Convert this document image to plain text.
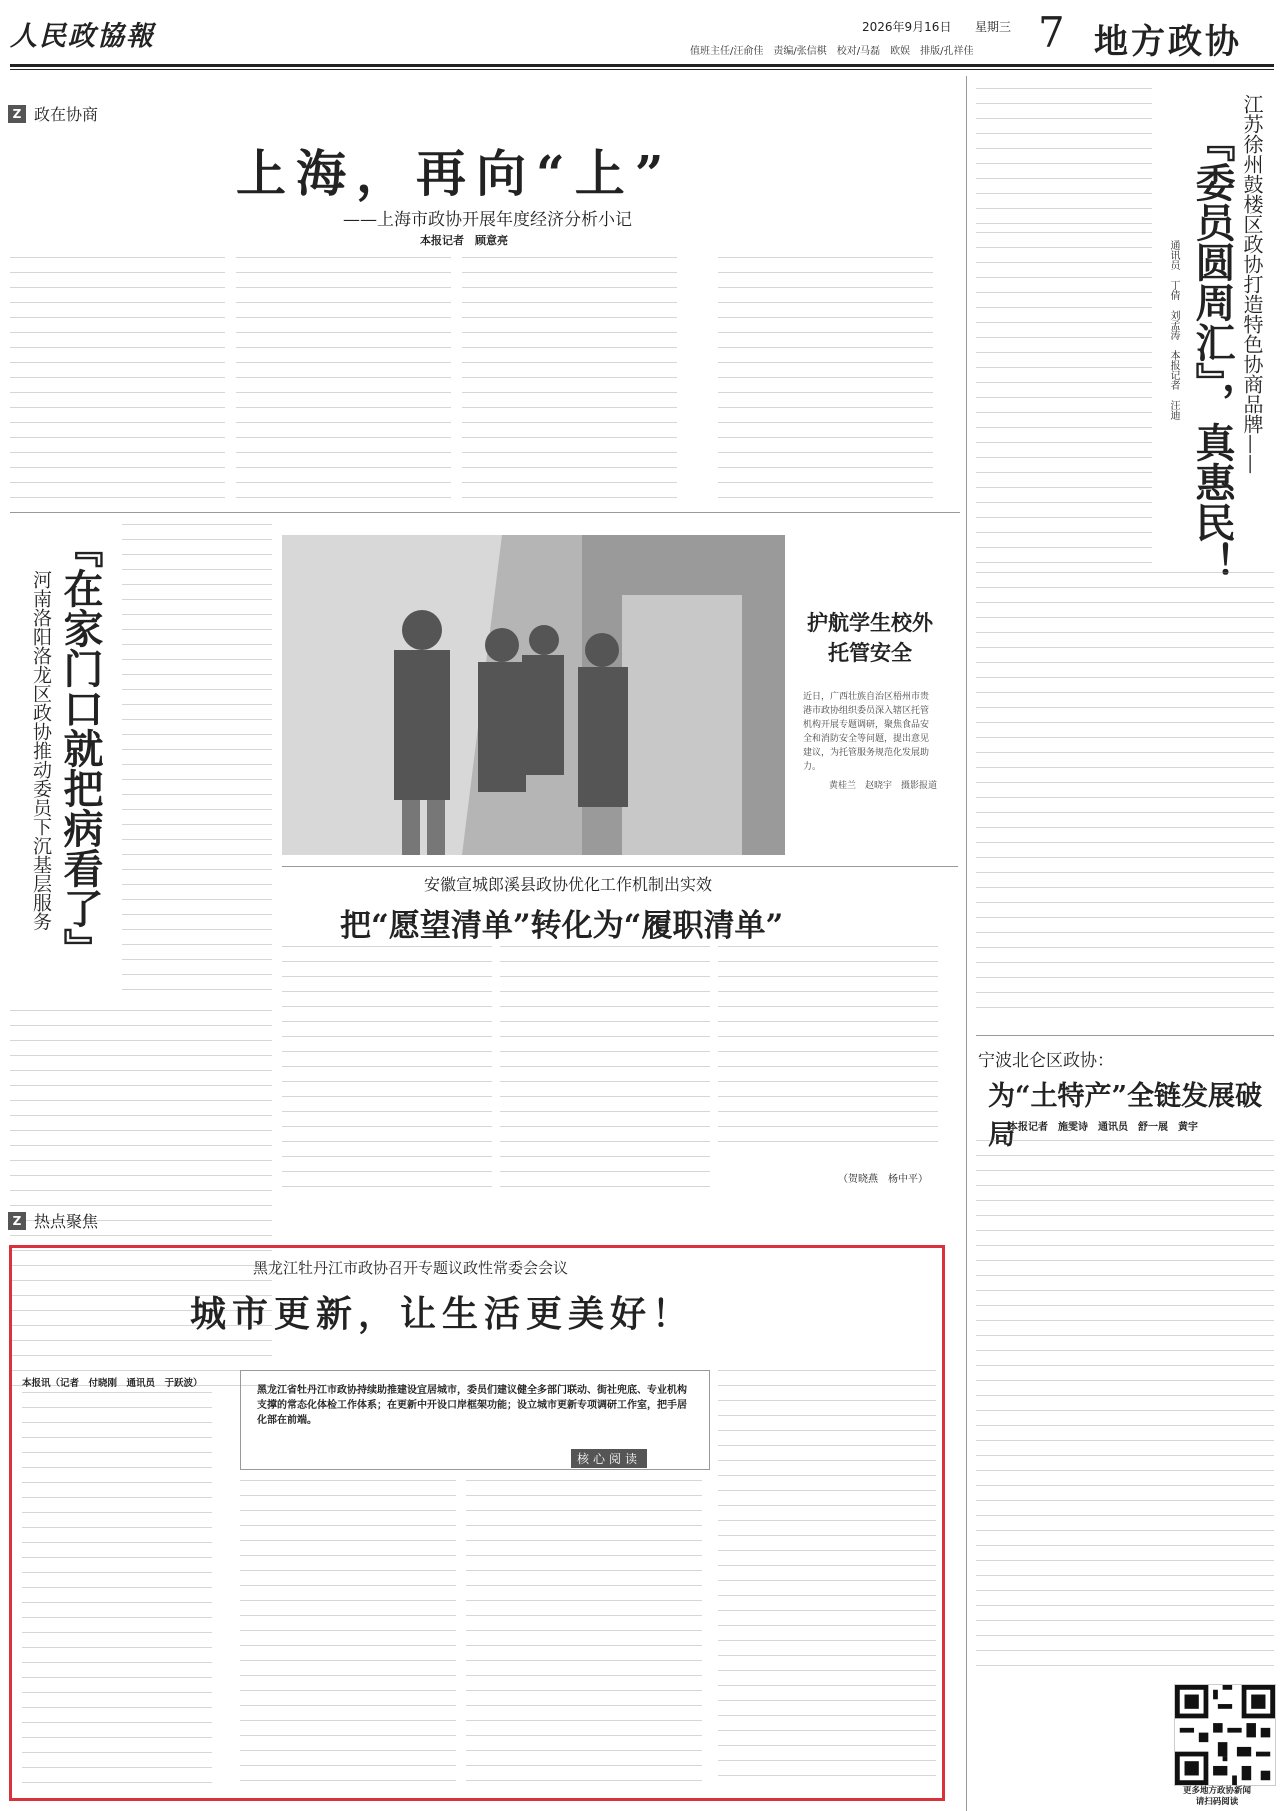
人民政協報	2026年9月16日 星期三
值班主任/汪俞佳　责编/张信棋　校对/马磊　欧娱　排版/孔祥佳 7 地方政协
Z 政在协商
上海，再向“上”
——上海市政协开展年度经济分析小记
本报记者　顾意亮	『委员圆周汇』，真惠民！ 江苏徐州鼓楼区政协打造特色协商品牌——
通讯员　丁倩　刘孟涛　本报记者　汪迪
『在家门口就把病看了』
河南洛阳洛龙区政协推动委员下沉基层服务	护航学生校外托管安全
近日，广西壮族自治区梧州市贵港市政协组织委员深入辖区托管机构开展专题调研，聚焦食品安全和消防安全等问题，提出意见建议，为托管服务规范化发展助力。
黄桂兰　赵晓宇　摄影报道
安徽宣城郎溪县政协优化工作机制出实效
把“愿望清单”转化为“履职清单”
（贺晓燕　杨中平）
宁波北仑区政协：
为“土特产”全链发展破局
本报记者　施雯诗　通讯员　舒一展　黄宇
Z 热点聚焦
黑龙江牡丹江市政协召开专题议政性常委会会议
城市更新，让生活更美好！
本报讯（记者　付晓刚　通讯员　于跃波）
黑龙江省牡丹江市政协持续助推建设宜居城市，委员们建议健全多部门联动、街社兜底、专业机构支撑的常态化体检工作体系；在更新中开设口岸框架功能；设立城市更新专项调研工作室，把手居化部在前端。
核心阅读
更多地方政协新闻
请扫码阅读
